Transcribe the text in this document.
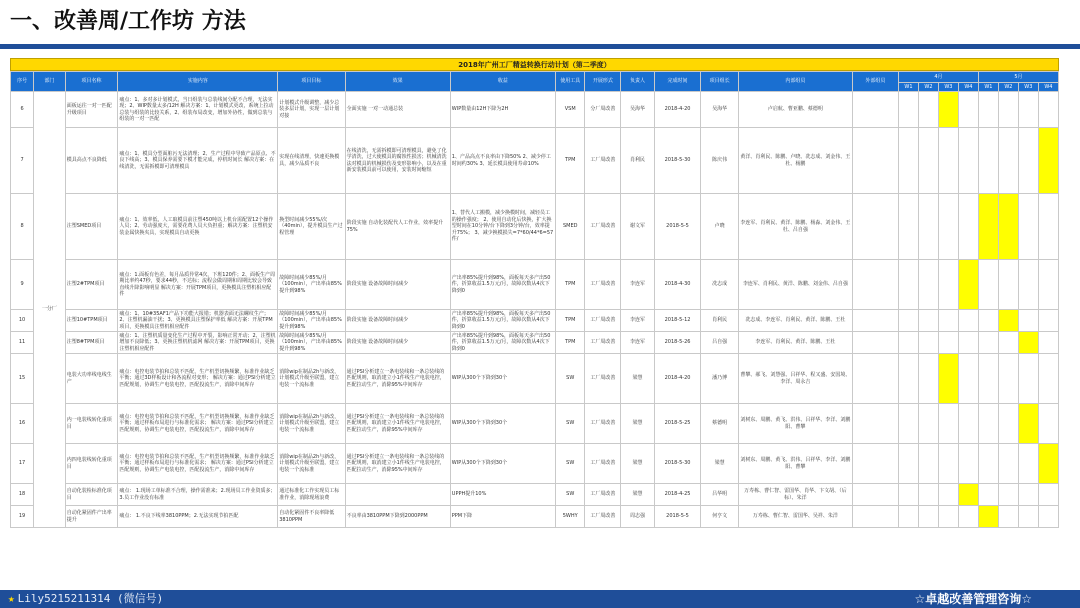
一、改善周/工作坊 方法
2018年广州工厂精益转换行动计划（第二季度）
序号	部门	项目名称	实施内容	项目目标	效果	收益	使用工具	开展形式	负责人	完成时间	项目组长	内部组员	外部组员	4月				5月			
														W1	W2	W3	W4	W1	W2	W3	W4
6	一分厂	面板运往一对一匹配升级项目	痛点：1、多对多计划模式，当日组装与总装线间分配不合理，无法实现；2、WIP数量太多/12H 解决方案：1、计划模式更改，系统上拉动总装与组装的比较关系，2、组装布局改变，增加外协性，做到总装与组装的一对一匹配	计划模式升级调整，减少总装多层计划，实现一层计划对接	全面实施 一对一动通总装	WIP数量由12H下降为2H	VSM	分厂周改善	吴海华	2018-4-20	吴海华	卢启航、曹亚鹏、蔡德明									
7		模具高点不良降低	痛点：1、模具分型面脏污无法清理；2、生产过程中导致产品原点、不良下线高；3、模具保养需要下模才能完成，停机时间长 解决方案：在线清洗，无需拆模即可清理模具	实现在线清理，快速更换模具，减少品质不良	在线清洗，无需拆模即可清理模具，避免了化学清洗，过大使模具的腐蚀性损害；机械清洗法对模具的机械损伤及变形影响小，以及在重新安装模具前可以使用，安装时间缩短	1、产品高点不良率由下降50% 2、减少停工时间约30% 3、延长模具使用寿命10%	TPM	工厂周改善	肖利民	2018-5-30	陈庆伟	黄洋、肖利民、陈鹏、卢晓、冼志成、刘金伟、王杜、杨鹏									
8		注塑SMED项目	痛点：1、效率低，人工取模具前注塑450吨以上机台需配置12个操作人员；2、劳动强度大，需要花费人员大负担重；解决方案：注塑机安装金属快换夹具，实现模具自动更换	换型时间减少55%/次（40min），提升模具生产过程管理	阶段实施 自动化装配代人工作业，效率提升75%	1、替代人工搬模，减少换模时间，减轻员工的操作强度； 2、使用自动化后快换，扩大换型时间在10分钟/台下降到3分钟/台，效率提升75%； 3、减少换模损失=7*60/44*6=57件/	SMED	工厂周改善	谢文军	2018-5-5	卢晓	李连军、肖利民、黄洋、陈鹏、杨淼、刘金伟、王杜、吕自强									
9		注塑2#TPM项目	痛点：1.面板有色差，每月品质异常4次，下班120件；2、面板生产周期比率约47秒，要求44秒，不达标；流程会做周期和周期比较会导致直线升降影响明显 解决方案：开展TPM项目，更换模具注塑机相应配件	故障时间减少85%/月（100min），产出率由85%提升到98%	阶段实施 设备故障时间减少	产出率85%提升到98%，面板每天多产出50件，折算收益1.5万元/月，故障次数从4次下降到0	TPM	工厂周改善	李连军	2018-4-30	冼志成	李连军、肖利民、黄洋、陈鹏、刘金伟、吕自强									
10		注塑10#TPM项目	痛点：1、10#35AF1产品下功能大报错；机器表面无法螺纹生产；2、注塑机漏油干扰；3、更换模具注塑保护率低 解决方案：开展TPM项目，更换模具注塑机相应配件	故障时间减少85%/月（100min），产出率由85%提升到98%	阶段实施 设备故障时间减少	产出率85%提升到98%，面板每天多产出50件，折算收益1.5万元/月，故障次数从4次下降到0	TPM	工厂周改善	李连军	2018-5-12	肖利民	冼志成、李连军、肖利民、黄洋、陈鹏、王杜									
11		注塑8#TPM项目	痛点：1、注塑机质量变化生产过程中开裂，影响正常开动；2、注塑机增加不良降低；3、更换注塑机机滤网 解决方案：开展TPM项目，更换注塑机相应配件	故障时间减少85%/月（100min），产出率由85%提升到98%	阶段实施 设备故障时间减少	产出率85%提升到98%，面板每天多产出50件，折算收益1.5万元/月，故障次数从4次下降到0	TPM	工厂周改善	李连军	2018-5-26	吕自强	李连军、肖利民、黄洋、陈鹏、王杜									
15		电装大功率线电线生产	痛点：电控电装节拍和总装不匹配，生产机型切换频繁，标准作业缺乏平衡；通过3D样板设计和各流程对变形； 解决方案：通过PSI分析建立匹配规划，协调生产电装电控，匹配投流生产，消除中间库存	消除wip在制品2h与新改，计划模式升级至联盟，建立电装一个流标准	通过PSI分析建立一条电装线和一条总装线的匹配规则，取消建立小1件线生产电装电控，匹配拉动生产，消除95%中间库存	WIP从300个下降到30个	SW	工厂周改善	梁慧	2018-4-20	潘乃博	曹攀、郝飞、刘慧强、吕祥华、程又盛、安国境、李洋、周永吉									
16		内一电装线转化重项目	痛点：电控电装节拍和总装不匹配，生产机型切换频繁，标准作业缺乏平衡；通过样板布局进行与标准化需求； 解决方案：通过PSI分析建立匹配规则，协调生产电装电控，匹配投流生产，消除中间库存	消除wip在制品2h与新改，计划模式升级至联盟，建立电装一个流标准	通过PSI分析建立一条电装线和一条总装线的匹配规则，取消建立小1件线生产电装电控，匹配拉动生产，消除95%中间库存	WIP从300个下降到30个	SW	工厂周改善	梁慧	2018-5-25	蔡德明	刘树东、周鹏、黄飞、洪伟、吕祥华、李洋、刘鹏阳、曹攀									
17		内四电装线转化重项目	痛点：电控电装节拍和总装不匹配，生产机型切换频繁，标准作业缺乏平衡；通过样板布局进行与标准化需求； 解决方案：通过PSI分析建立匹配规则，协调生产电装电控，匹配投流生产，消除中间库存	消除wip在制品2h与新改，计划模式升级至联盟，建立电装一个流标准	通过PSI分析建立一条电装线和一条总装线的匹配规则，取消建立小1件线生产电装电控，匹配拉动生产，消除95%中间库存	WIP从300个下降到30个	SW	工厂周改善	梁慧	2018-5-30	梁慧	刘树东、周鹏、黄飞、洪伟、吕祥华、李洋、刘鹏阳、曹攀									
18		自动化装检标准化项目	痛点： 1.现场工单标准不合理，操作需准来；2.现场员工作业资质多； 3.员工作业没有标准	通过标准化工作实现员工标准作业，消除现场浪费		UPPH提升10%	SW	工厂周改善	梁慧	2018-4-25	吕华明	万寿栋、曹仁智、雷国华、肖华、卞文胡、（后标）、朱洋									
19		自动化紧固件产出率提升	痛点： 1.不良下线率3810PPM；2.无法实现节拍匹配	自动化紧固件不良率降低3810PPM	不良率由3810PPM下降到2000PPM	PPM下降	5WHY	工厂周改善	周志强	2018-5-5	何亨文	万寿栋、曹仁智、雷国华、吴祥、朱洋									
★ Lily5215211314 (微信号)	☆卓越改善管理咨询☆
